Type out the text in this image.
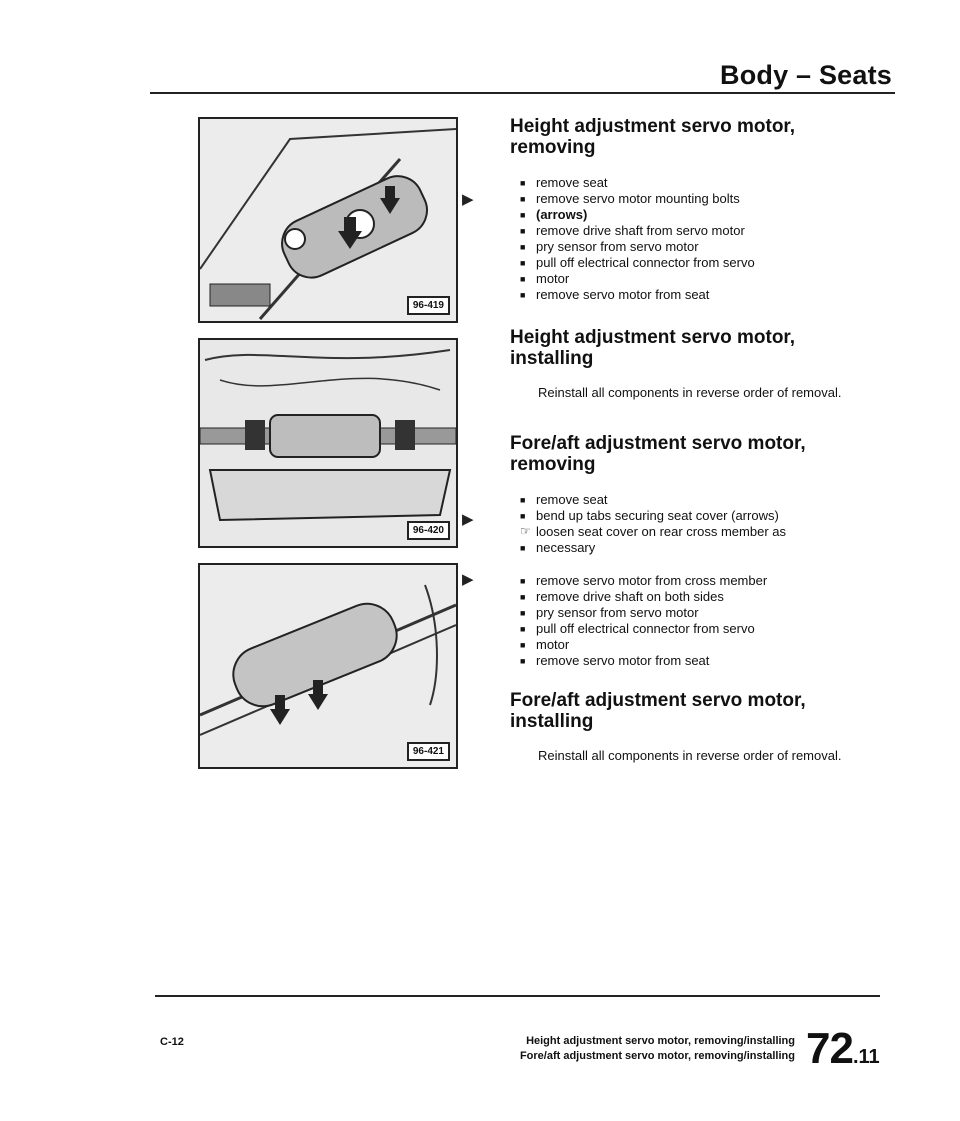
Body – Seats
96-419
96-420
96-421
▶
▶
▶
Height adjustment servo motor, removing
■ remove seat
■ remove servo motor mounting bolts
■ (arrows)
■ remove drive shaft from servo motor
■ pry sensor from servo motor
■ pull off electrical connector from servo
■ motor
■ remove servo motor from seat
Height adjustment servo motor, installing
Reinstall all components in reverse order of removal.
Fore/aft adjustment servo motor, removing
■ remove seat
■ bend up tabs securing seat cover (arrows)
☞ loosen seat cover on rear cross member as
■ necessary
■ remove servo motor from cross member
■ remove drive shaft on both sides
■ pry sensor from servo motor
■ pull off electrical connector from servo
■ motor
■ remove servo motor from seat
Fore/aft adjustment servo motor, installing
Reinstall all components in reverse order of removal.
C-12	Height adjustment servo motor, removing/installing
Fore/aft adjustment servo motor, removing/installing 72.11
